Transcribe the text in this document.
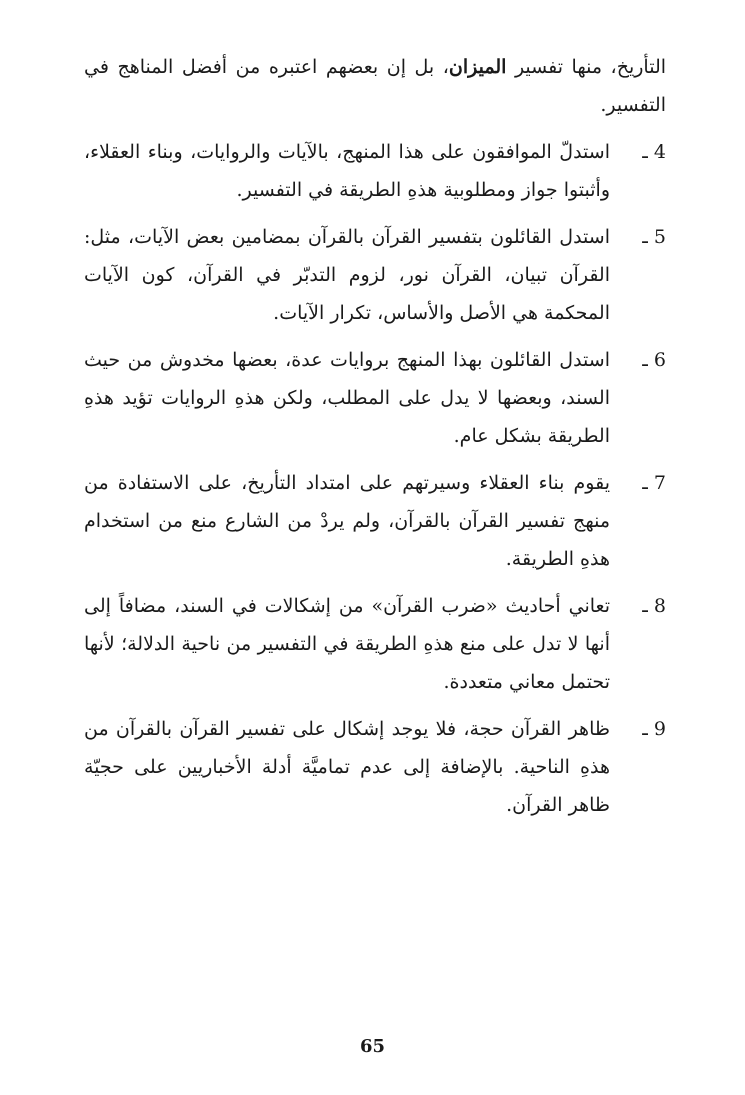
التأريخ، منها تفسير الميزان، بل إن بعضهم اعتبره من أفضل المناهج في التفسير.

4 ـ
استدلّ الموافقون على هذا المنهج، بالآيات والروايات، وبناء العقلاء، وأثبتوا جواز ومطلوبية هذهِ الطريقة في التفسير.
5 ـ
استدل القائلون بتفسير القرآن بالقرآن بمضامين بعض الآيات، مثل: القرآن تبيان، القرآن نور، لزوم التدبّر في القرآن، كون الآيات المحكمة هي الأصل والأساس، تكرار الآيات.
6 ـ
استدل القائلون بهذا المنهج بروايات عدة، بعضها مخدوش من حيث السند، وبعضها لا يدل على المطلب، ولكن هذهِ الروايات تؤيد هذهِ الطريقة بشكل عام.
7 ـ
يقوم بناء العقلاء وسيرتهم على امتداد التأريخ، على الاستفادة من منهج تفسير القرآن بالقرآن، ولم يردْ من الشارع منع من استخدام هذهِ الطريقة.
8 ـ
تعاني أحاديث «ضرب القرآن» من إشكالات في السند، مضافاً إلى أنها لا تدل على منع هذهِ الطريقة في التفسير من ناحية الدلالة؛ لأنها تحتمل معاني متعددة.
9 ـ
ظاهر القرآن حجة، فلا يوجد إشكال على تفسير القرآن بالقرآن من هذهِ الناحية. بالإضافة إلى عدم تماميَّة أدلة الأخباريين على حجيّة ظاهر القرآن.
65
